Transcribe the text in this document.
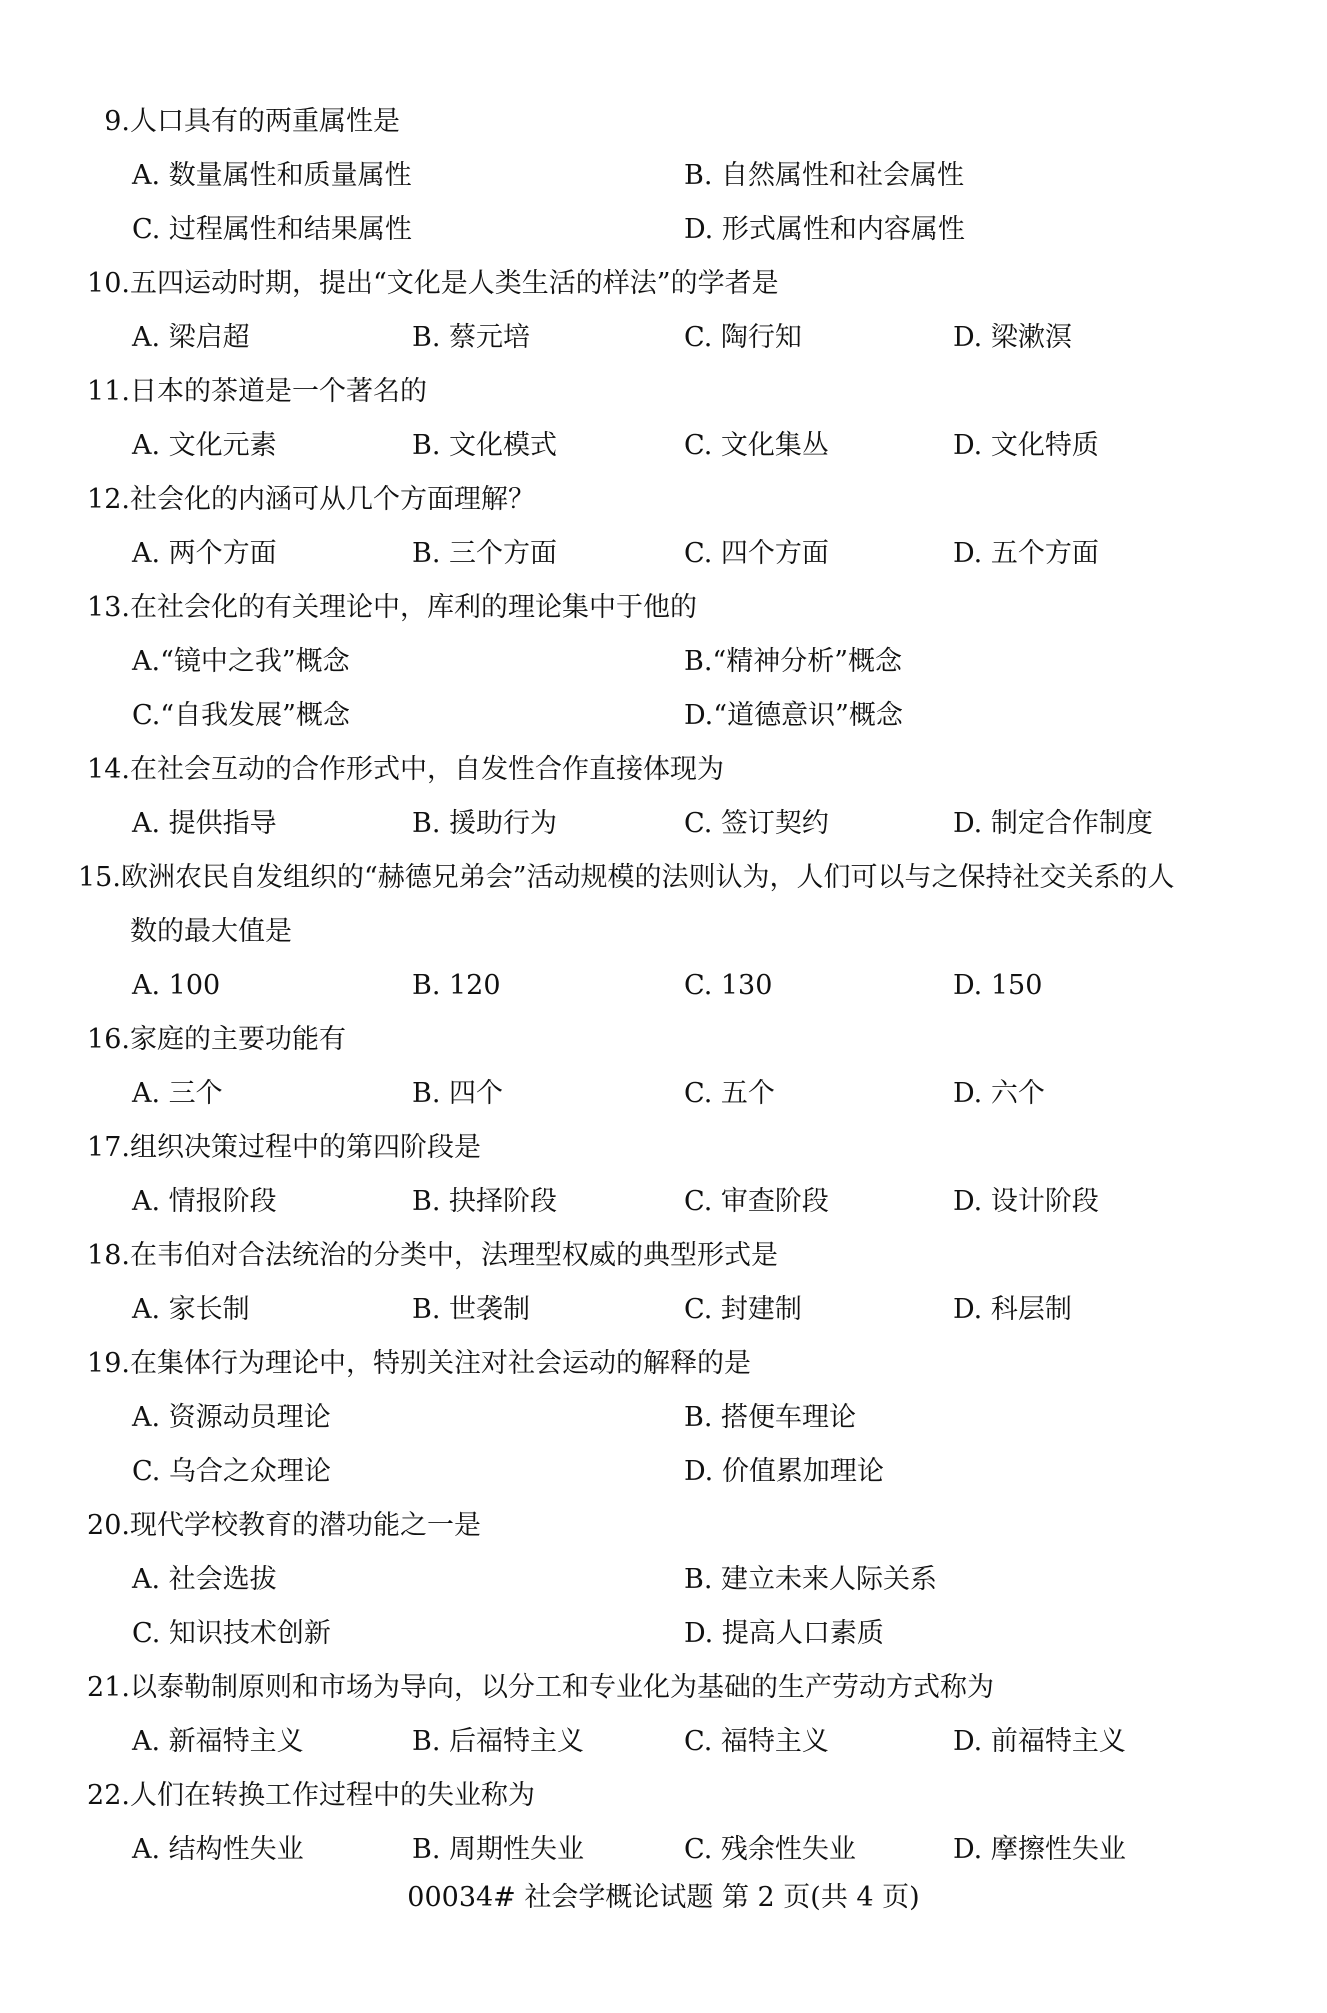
9.人口具有的两重属性是
A. 数量属性和质量属性	B. 自然属性和社会属性
C. 过程属性和结果属性	D. 形式属性和内容属性
10.五四运动时期，提出“文化是人类生活的样法”的学者是
A. 梁启超	B. 蔡元培	C. 陶行知	D. 梁漱溟
11.日本的茶道是一个著名的
A. 文化元素	B. 文化模式	C. 文化集丛	D. 文化特质
12.社会化的内涵可从几个方面理解？
A. 两个方面	B. 三个方面	C. 四个方面	D. 五个方面
13.在社会化的有关理论中，库利的理论集中于他的
A.“镜中之我”概念	B.“精神分析”概念
C.“自我发展”概念	D.“道德意识”概念
14.在社会互动的合作形式中，自发性合作直接体现为
A. 提供指导	B. 援助行为	C. 签订契约	D. 制定合作制度
15.欧洲农民自发组织的“赫德兄弟会”活动规模的法则认为，人们可以与之保持社交关系的人
数的最大值是
A. 100	B. 120	C. 130	D. 150
16.家庭的主要功能有
A. 三个	B. 四个	C. 五个	D. 六个
17.组织决策过程中的第四阶段是
A. 情报阶段	B. 抉择阶段	C. 审查阶段	D. 设计阶段
18.在韦伯对合法统治的分类中，法理型权威的典型形式是
A. 家长制	B. 世袭制	C. 封建制	D. 科层制
19.在集体行为理论中，特别关注对社会运动的解释的是
A. 资源动员理论	B. 搭便车理论
C. 乌合之众理论	D. 价值累加理论
20.现代学校教育的潜功能之一是
A. 社会选拔	B. 建立未来人际关系
C. 知识技术创新	D. 提高人口素质
21.以泰勒制原则和市场为导向，以分工和专业化为基础的生产劳动方式称为
A. 新福特主义	B. 后福特主义	C. 福特主义	D. 前福特主义
22.人们在转换工作过程中的失业称为
A. 结构性失业	B. 周期性失业	C. 残余性失业	D. 摩擦性失业
00034# 社会学概论试题 第 2 页(共 4 页)
